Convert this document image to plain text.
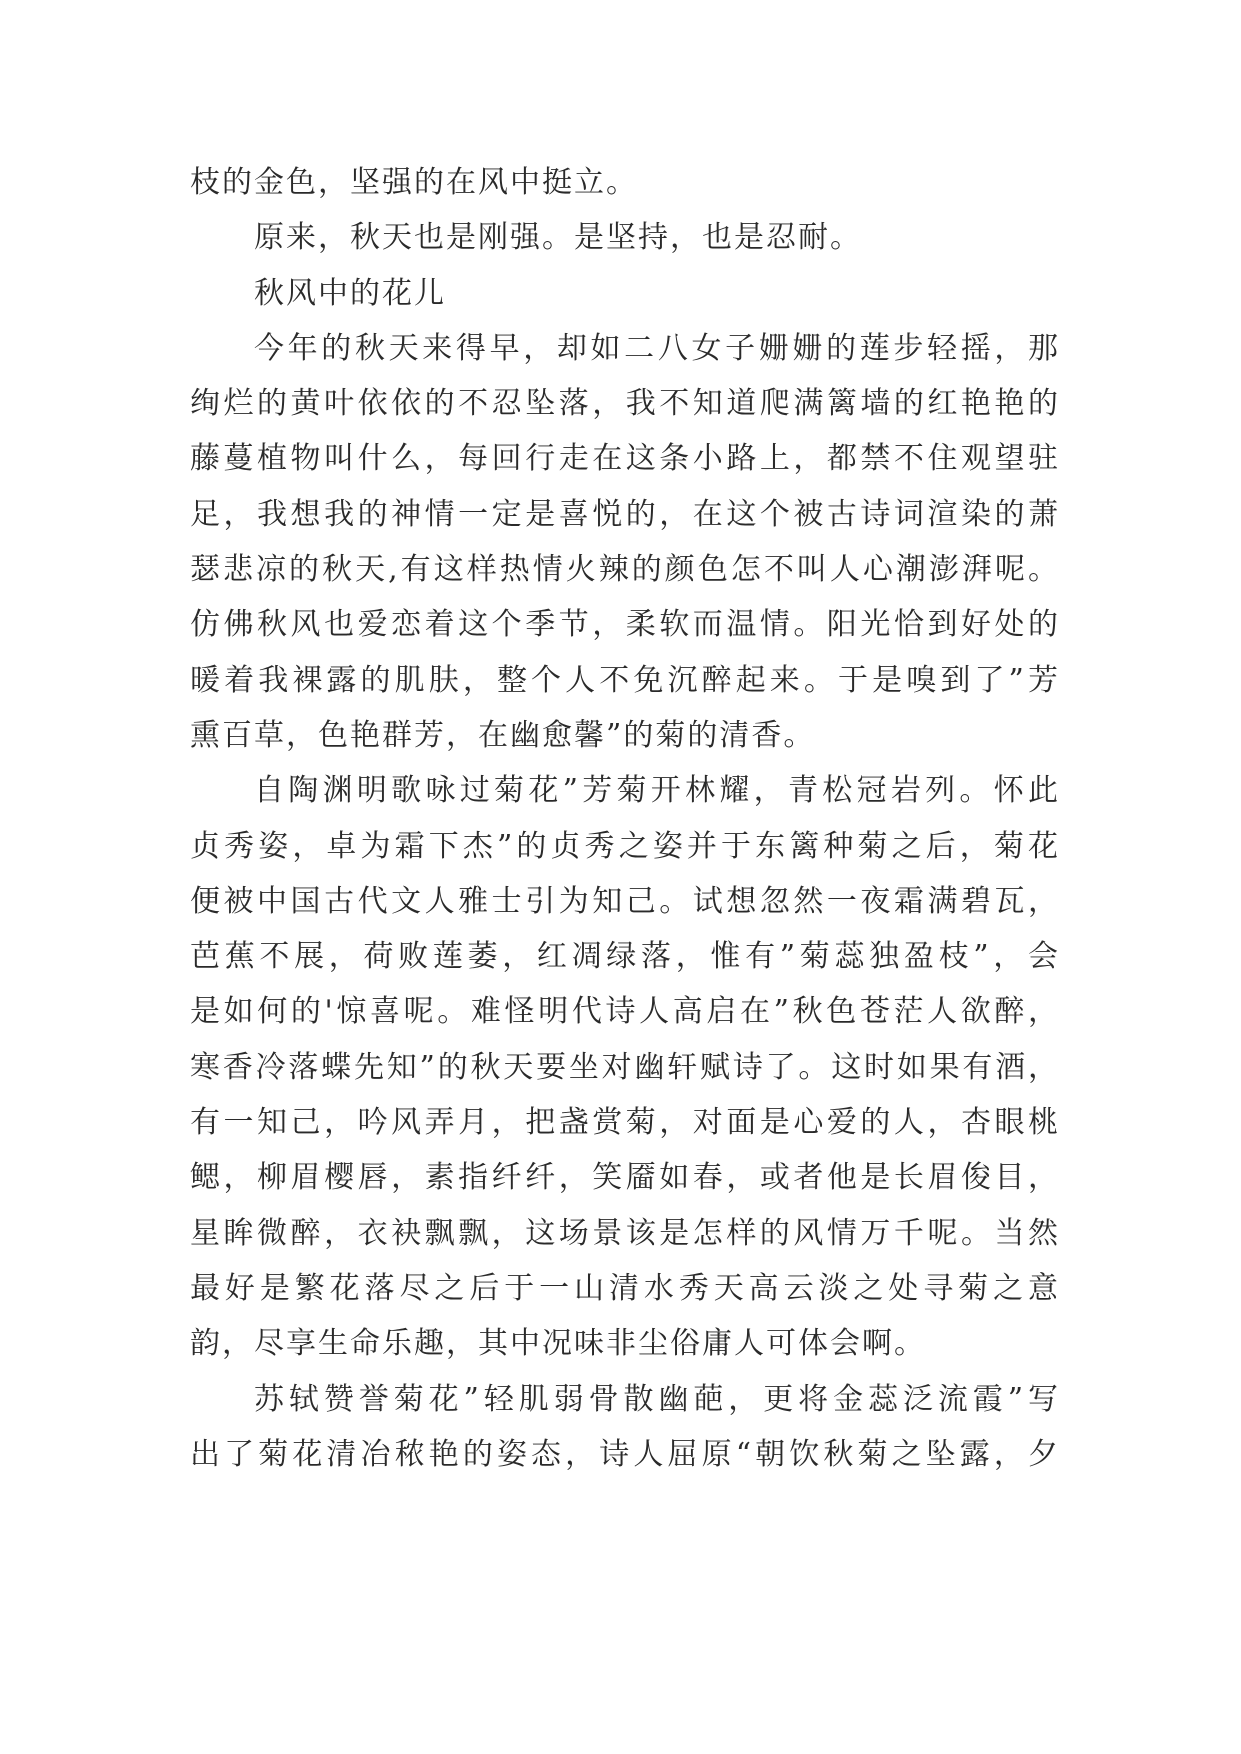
枝的金色，坚强的在风中挺立。
原来，秋天也是刚强。是坚持，也是忍耐。
秋风中的花儿
今年的秋天来得早，却如二八女子姗姗的莲步轻摇，那
绚烂的黄叶依依的不忍坠落，我不知道爬满篱墙的红艳艳的
藤蔓植物叫什么，每回行走在这条小路上，都禁不住观望驻
足，我想我的神情一定是喜悦的，在这个被古诗词渲染的萧
瑟悲凉的秋天,有这样热情火辣的颜色怎不叫人心潮澎湃呢。
仿佛秋风也爱恋着这个季节，柔软而温情。阳光恰到好处的
暖着我裸露的肌肤，整个人不免沉醉起来。于是嗅到了”芳
熏百草，色艳群芳，在幽愈馨”的菊的清香。
自陶渊明歌咏过菊花”芳菊开林耀，青松冠岩列。怀此
贞秀姿，卓为霜下杰”的贞秀之姿并于东篱种菊之后，菊花
便被中国古代文人雅士引为知己。试想忽然一夜霜满碧瓦，
芭蕉不展，荷败莲萎，红凋绿落，惟有”菊蕊独盈枝”，会
是如何的'惊喜呢。难怪明代诗人高启在”秋色苍茫人欲醉，
寒香冷落蝶先知”的秋天要坐对幽轩赋诗了。这时如果有酒，
有一知己，吟风弄月，把盏赏菊，对面是心爱的人，杏眼桃
鳃，柳眉樱唇，素指纤纤，笑靥如春，或者他是长眉俊目，
星眸微醉，衣袂飘飘，这场景该是怎样的风情万千呢。当然
最好是繁花落尽之后于一山清水秀天高云淡之处寻菊之意
韵，尽享生命乐趣，其中况味非尘俗庸人可体会啊。
苏轼赞誉菊花”轻肌弱骨散幽葩，更将金蕊泛流霞”写
出了菊花清冶秾艳的姿态，诗人屈原“朝饮秋菊之坠露，夕
